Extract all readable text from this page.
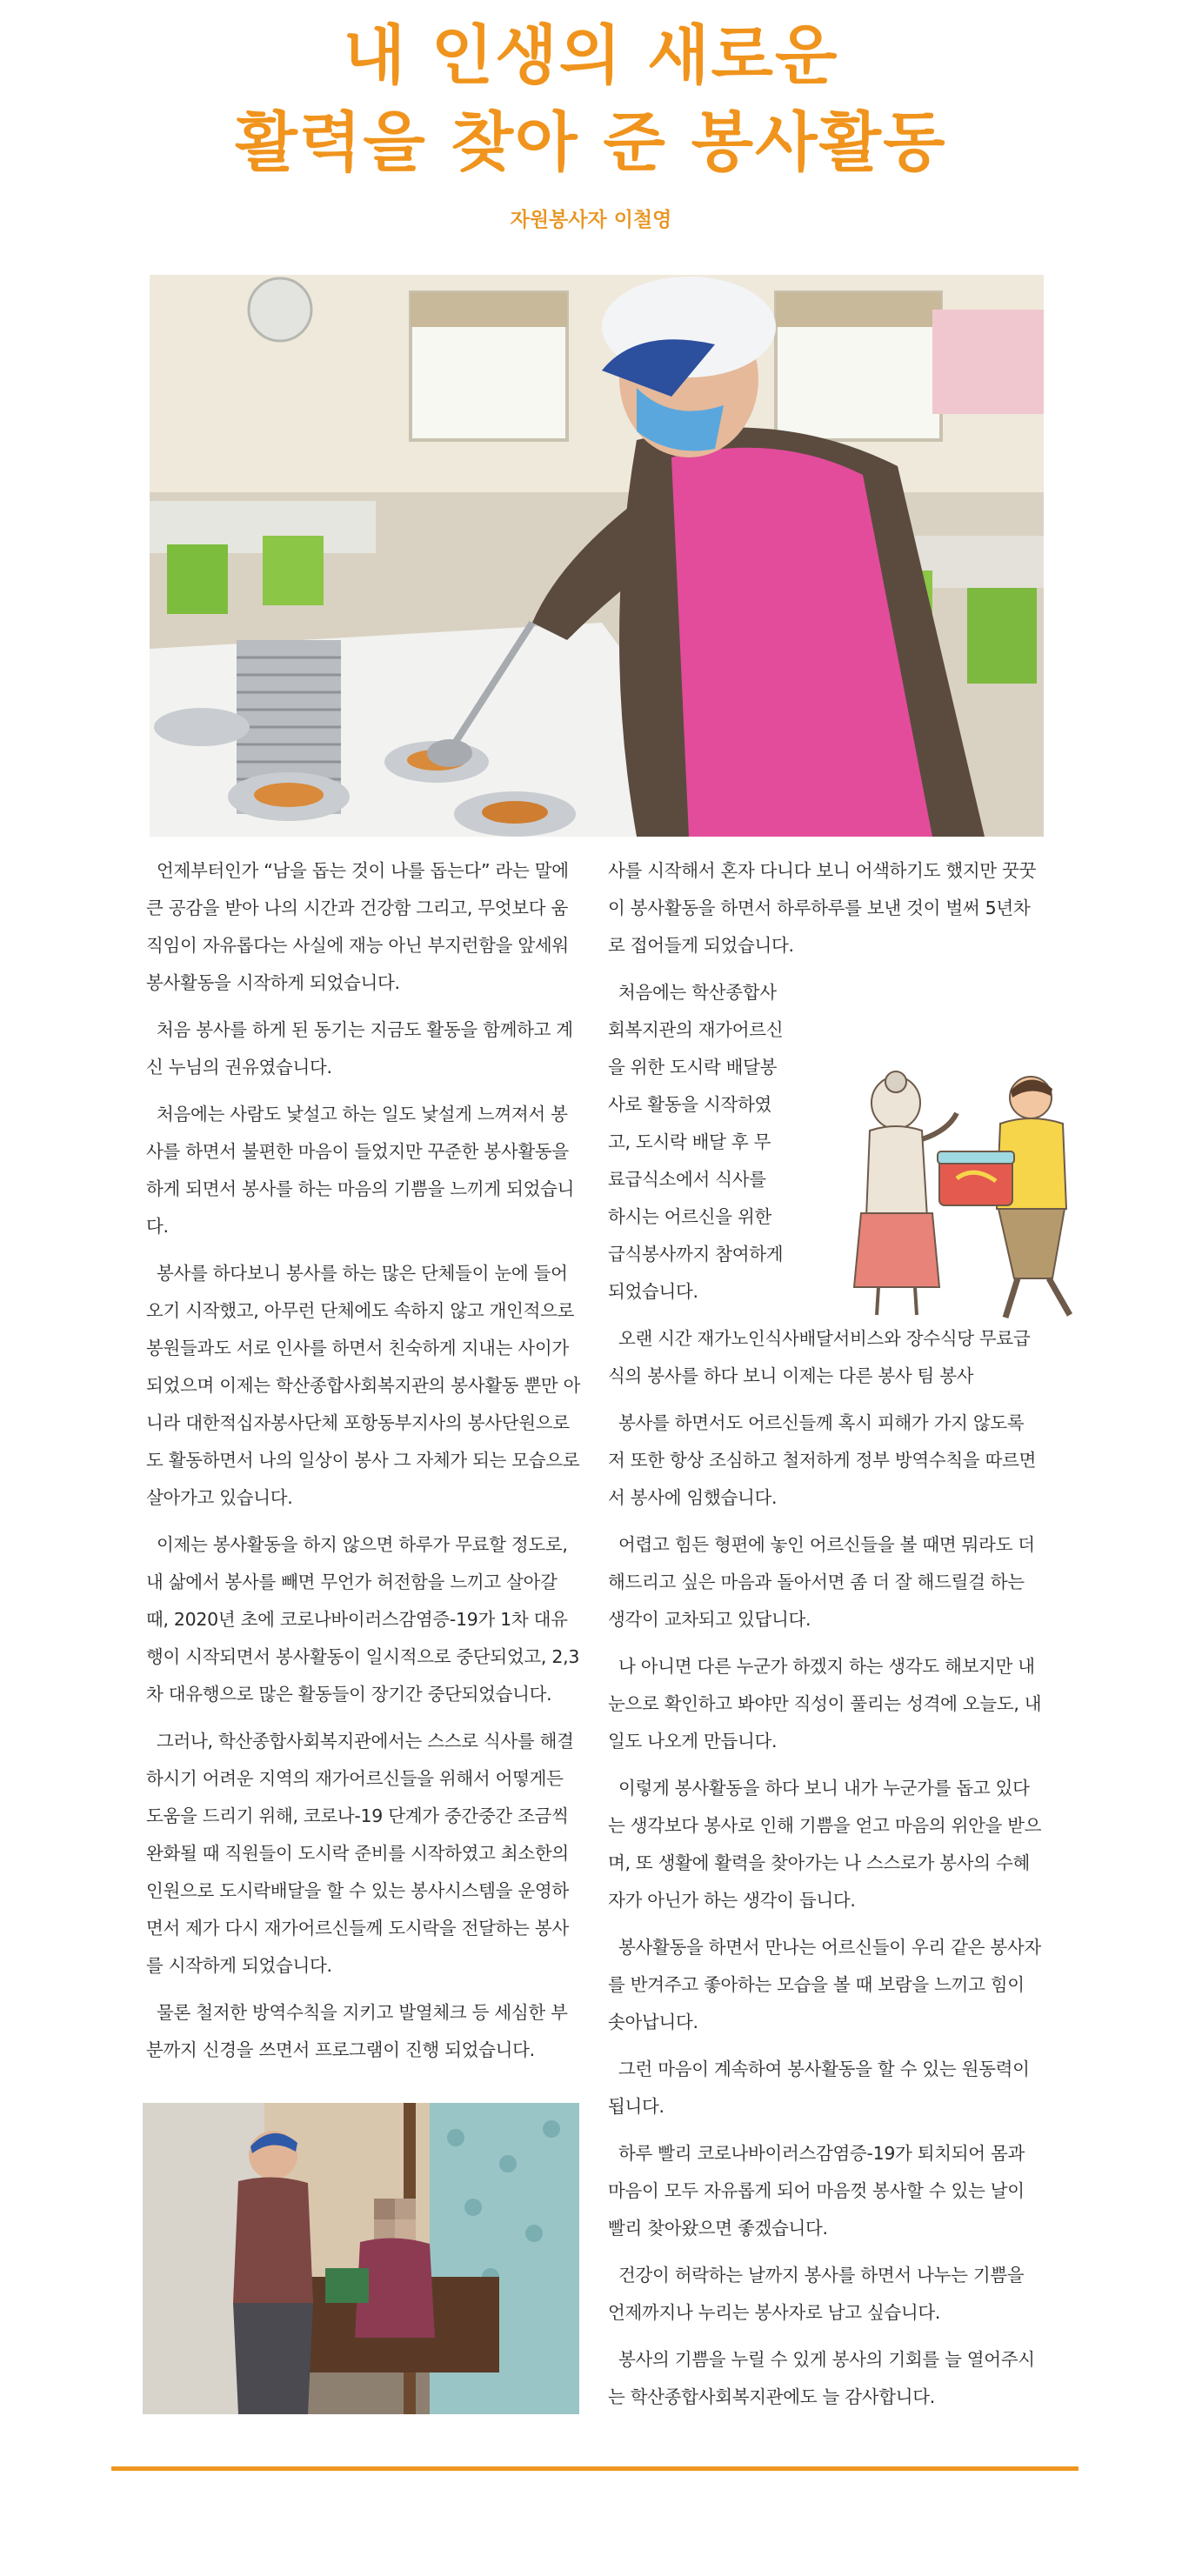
내 인생의 새로운
활력을 찾아 준 봉사활동
자원봉사자 이철영

언제부터인가 “남을 돕는 것이 나를 돕는다” 라는 말에 큰 공감을 받아 나의 시간과 건강함 그리고, 무엇보다 움직임이 자유롭다는 사실에 재능 아닌 부지런함을 앞세워 봉사활동을 시작하게 되었습니다.

처음 봉사를 하게 된 동기는 지금도 활동을 함께하고 계신 누님의 권유였습니다.

처음에는 사람도 낯설고 하는 일도 낯설게 느껴져서 봉사를 하면서 불편한 마음이 들었지만 꾸준한 봉사활동을 하게 되면서 봉사를 하는 마음의 기쁨을 느끼게 되었습니다.

봉사를 하다보니 봉사를 하는 많은 단체들이 눈에 들어오기 시작했고, 아무런 단체에도 속하지 않고 개인적으로 봉원들과도 서로 인사를 하면서 친숙하게 지내는 사이가 되었으며 이제는 학산종합사회복지관의 봉사활동 뿐만 아니라 대한적십자봉사단체 포항동부지사의 봉사단원으로도 활동하면서 나의 일상이 봉사 그 자체가 되는 모습으로 살아가고 있습니다.

이제는 봉사활동을 하지 않으면 하루가 무료할 정도로, 내 삶에서 봉사를 빼면 무언가 허전함을 느끼고 살아갈 때, 2020년 초에 코로나바이러스감염증-19가 1차 대유행이 시작되면서 봉사활동이 일시적으로 중단되었고, 2,3차 대유행으로 많은 활동들이 장기간 중단되었습니다.

그러나, 학산종합사회복지관에서는 스스로 식사를 해결하시기 어려운 지역의 재가어르신들을 위해서 어떻게든 도움을 드리기 위해, 코로나-19 단계가 중간중간 조금씩 완화될 때 직원들이 도시락 준비를 시작하였고 최소한의 인원으로 도시락배달을 할 수 있는 봉사시스템을 운영하면서 제가 다시 재가어르신들께 도시락을 전달하는 봉사를 시작하게 되었습니다.

물론 철저한 방역수칙을 지키고 발열체크 등 세심한 부분까지 신경을 쓰면서 프로그램이 진행 되었습니다.

사를 시작해서 혼자 다니다 보니 어색하기도 했지만 꿋꿋이 봉사활동을 하면서 하루하루를 보낸 것이 벌써 5년차로 접어들게 되었습니다.

처음에는 학산종합사회복지관의 재가어르신을 위한 도시락 배달봉사로 활동을 시작하였고, 도시락 배달 후 무료급식소에서 식사를 하시는 어르신을 위한 급식봉사까지 참여하게 되었습니다.

오랜 시간 재가노인식사배달서비스와 장수식당 무료급식의 봉사를 하다 보니 이제는 다른 봉사 팀 봉사

봉사를 하면서도 어르신들께 혹시 피해가 가지 않도록 저 또한 항상 조심하고 철저하게 정부 방역수칙을 따르면서 봉사에 임했습니다.

어렵고 힘든 형편에 놓인 어르신들을 볼 때면 뭐라도 더 해드리고 싶은 마음과 돌아서면 좀 더 잘 해드릴걸 하는 생각이 교차되고 있답니다.

나 아니면 다른 누군가 하겠지 하는 생각도 해보지만 내 눈으로 확인하고 봐야만 직성이 풀리는 성격에 오늘도, 내일도 나오게 만듭니다.

이렇게 봉사활동을 하다 보니 내가 누군가를 돕고 있다는 생각보다 봉사로 인해 기쁨을 얻고 마음의 위안을 받으며, 또 생활에 활력을 찾아가는 나 스스로가 봉사의 수혜자가 아닌가 하는 생각이 듭니다.

봉사활동을 하면서 만나는 어르신들이 우리 같은 봉사자를 반겨주고 좋아하는 모습을 볼 때 보람을 느끼고 힘이 솟아납니다.

그런 마음이 계속하여 봉사활동을 할 수 있는 원동력이 됩니다.

하루 빨리 코로나바이러스감염증-19가 퇴치되어 몸과 마음이 모두 자유롭게 되어 마음껏 봉사할 수 있는 날이 빨리 찾아왔으면 좋겠습니다.

건강이 허락하는 날까지 봉사를 하면서 나누는 기쁨을 언제까지나 누리는 봉사자로 남고 싶습니다.

봉사의 기쁨을 누릴 수 있게 봉사의 기회를 늘 열어주시는 학산종합사회복지관에도 늘 감사합니다.
